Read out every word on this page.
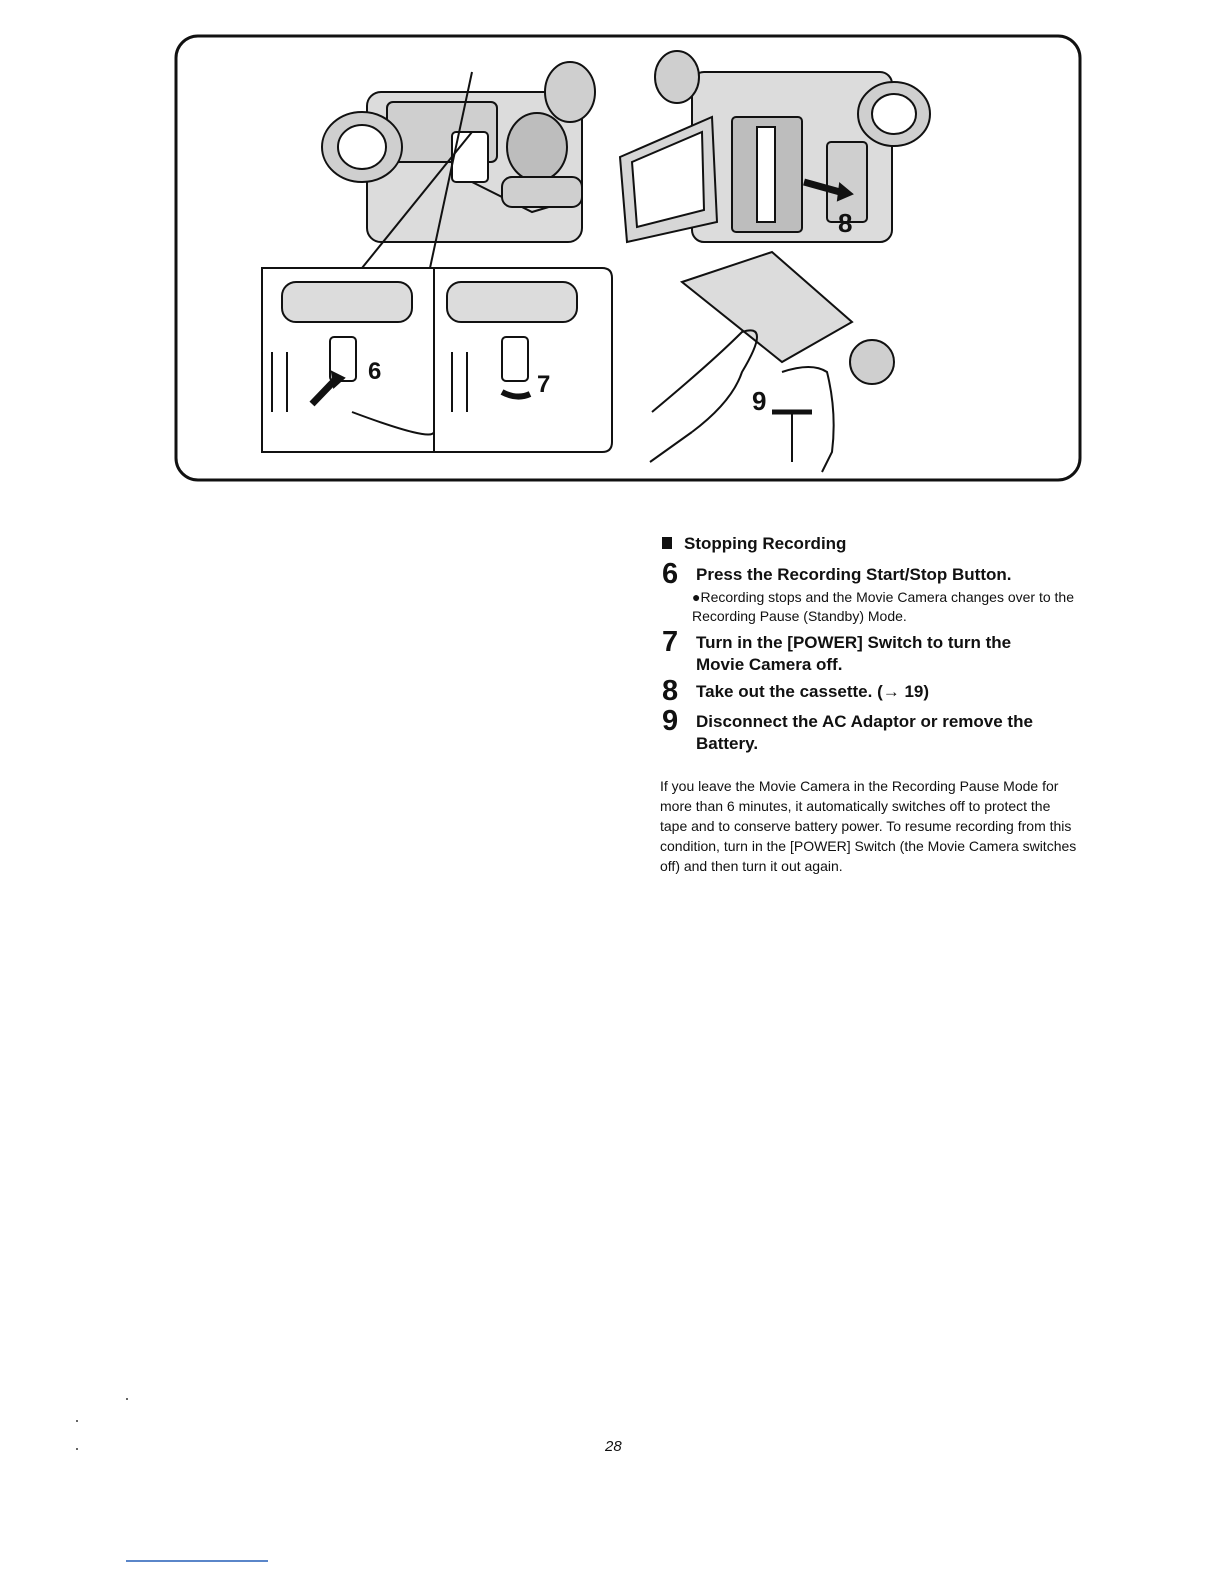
8
6	7
9
Stopping Recording
6	Press the Recording Start/Stop Button.
●Recording stops and the Movie Camera changes over to the Recording Pause (Standby) Mode.
7	Turn in the [POWER] Switch to turn the Movie Camera off.
8	Take out the cassette. (→ 19)
9	Disconnect the AC Adaptor or remove the Battery.
If you leave the Movie Camera in the Recording Pause Mode for more than 6 minutes, it automatically switches off to protect the tape and to conserve battery power. To resume recording from this condition, turn in the [POWER] Switch (the Movie Camera switches off) and then turn it out again.
28
